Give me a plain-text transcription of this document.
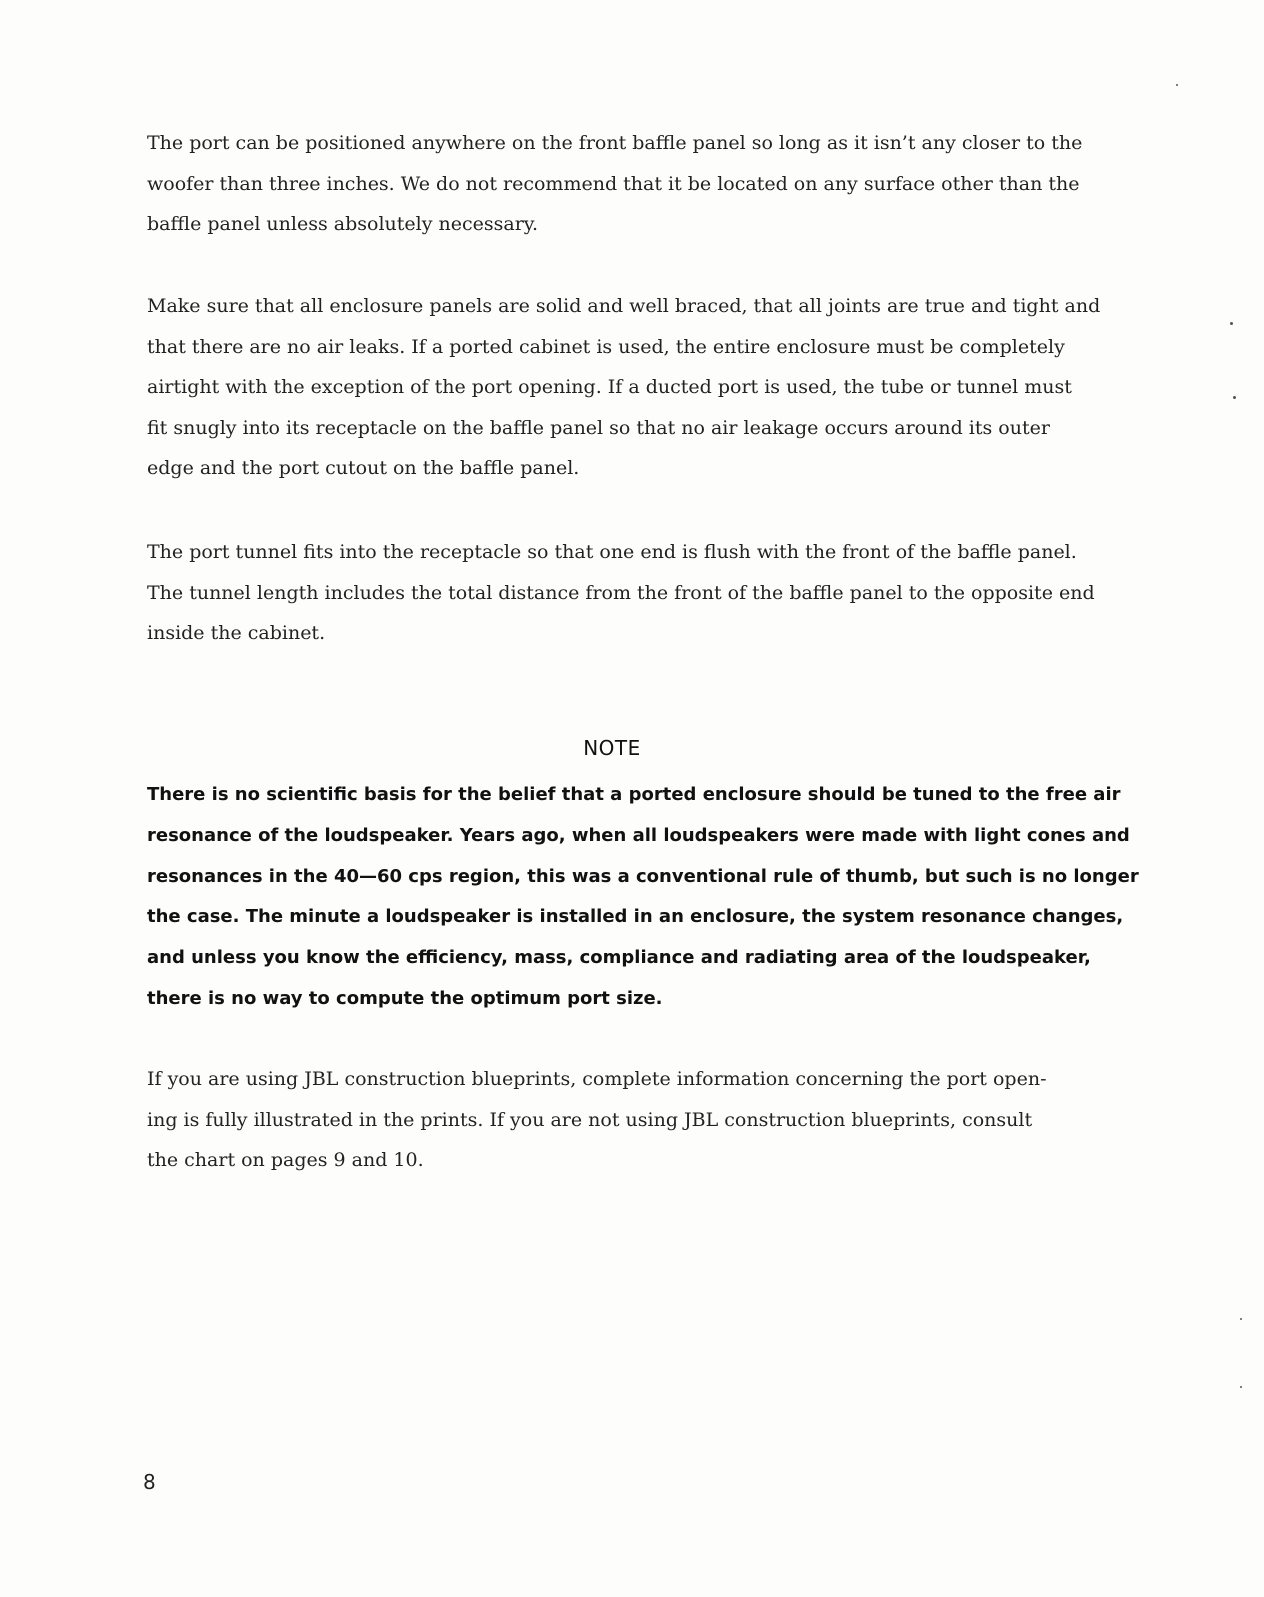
The port can be positioned anywhere on the front baffle panel so long as it isn’t any closer to the
woofer than three inches. We do not recommend that it be located on any surface other than the
baffle panel unless absolutely necessary.

Make sure that all enclosure panels are solid and well braced, that all joints are true and tight and
that there are no air leaks. If a ported cabinet is used, the entire enclosure must be completely
airtight with the exception of the port opening. If a ducted port is used, the tube or tunnel must
fit snugly into its receptacle on the baffle panel so that no air leakage occurs around its outer
edge and the port cutout on the baffle panel.

The port tunnel fits into the receptacle so that one end is flush with the front of the baffle panel.
The tunnel length includes the total distance from the front of the baffle panel to the opposite end
inside the cabinet.

NOTE

There is no scientific basis for the belief that a ported enclosure should be tuned to the free air
resonance of the loudspeaker. Years ago, when all loudspeakers were made with light cones and
resonances in the 40—60 cps region, this was a conventional rule of thumb, but such is no longer
the case. The minute a loudspeaker is installed in an enclosure, the system resonance changes,
and unless you know the efficiency, mass, compliance and radiating area of the loudspeaker,
there is no way to compute the optimum port size.

If you are using JBL construction blueprints, complete information concerning the port open-
ing is fully illustrated in the prints. If you are not using JBL construction blueprints, consult
the chart on pages 9 and 10.

8
